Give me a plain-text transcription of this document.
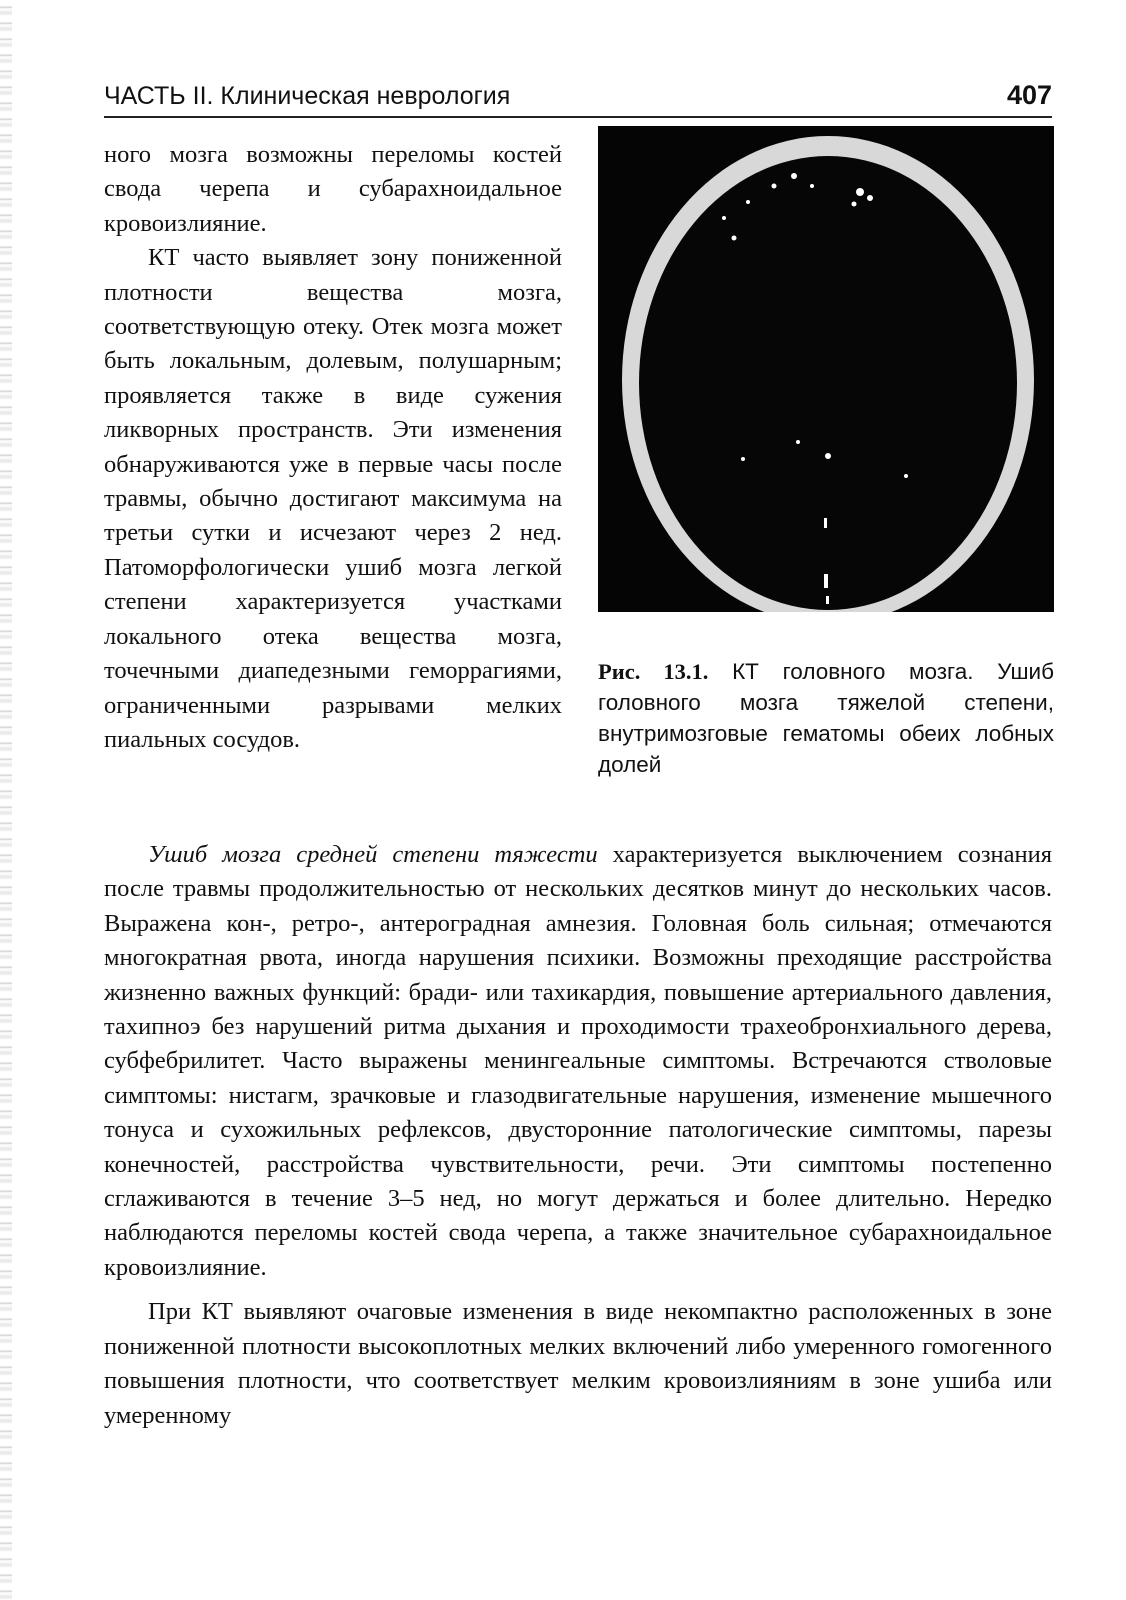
ЧАСТЬ II. Клиническая неврология	407

ного мозга возможны переломы костей свода черепа и субарахноидальное кровоизлияние.

КТ часто выявляет зону пониженной плотности вещества мозга, соответствующую отеку. Отек мозга может быть локальным, долевым, полушарным; проявляется также в виде сужения ликворных пространств. Эти изменения обнаруживаются уже в первые часы после травмы, обычно достигают максимума на третьи сутки и исчезают через 2 нед. Патоморфологически ушиб мозга легкой степени характеризуется участками локального отека вещества мозга, точечными диапедезными геморрагиями, ограниченными разрывами мелких пиальных сосудов.

Рис. 13.1. КТ головного мозга. Ушиб головного мозга тяжелой степени, внутримозговые гематомы обеих лобных долей

Ушиб мозга средней степени тяжести характеризуется выключением сознания после травмы продолжительностью от нескольких десятков минут до нескольких часов. Выражена кон-, ретро-, антероградная амнезия. Головная боль сильная; отмечаются многократная рвота, иногда нарушения психики. Возможны преходящие расстройства жизненно важных функций: бради- или тахикардия, повышение артериального давления, тахипноэ без нарушений ритма дыхания и проходимости трахеобронхиального дерева, субфебрилитет. Часто выражены менингеальные симптомы. Встречаются стволовые симптомы: нистагм, зрачковые и глазодвигательные нарушения, изменение мышечного тонуса и сухожильных рефлексов, двусторонние патологические симптомы, парезы конечностей, расстройства чувствительности, речи. Эти симптомы постепенно сглаживаются в течение 3–5 нед, но могут держаться и более длительно. Нередко наблюдаются переломы костей свода черепа, а также значительное субарахноидальное кровоизлияние.

При КТ выявляют очаговые изменения в виде некомпактно расположенных в зоне пониженной плотности высокоплотных мелких включений либо умеренного гомогенного повышения плотности, что соответствует мелким кровоизлияниям в зоне ушиба или умеренному
